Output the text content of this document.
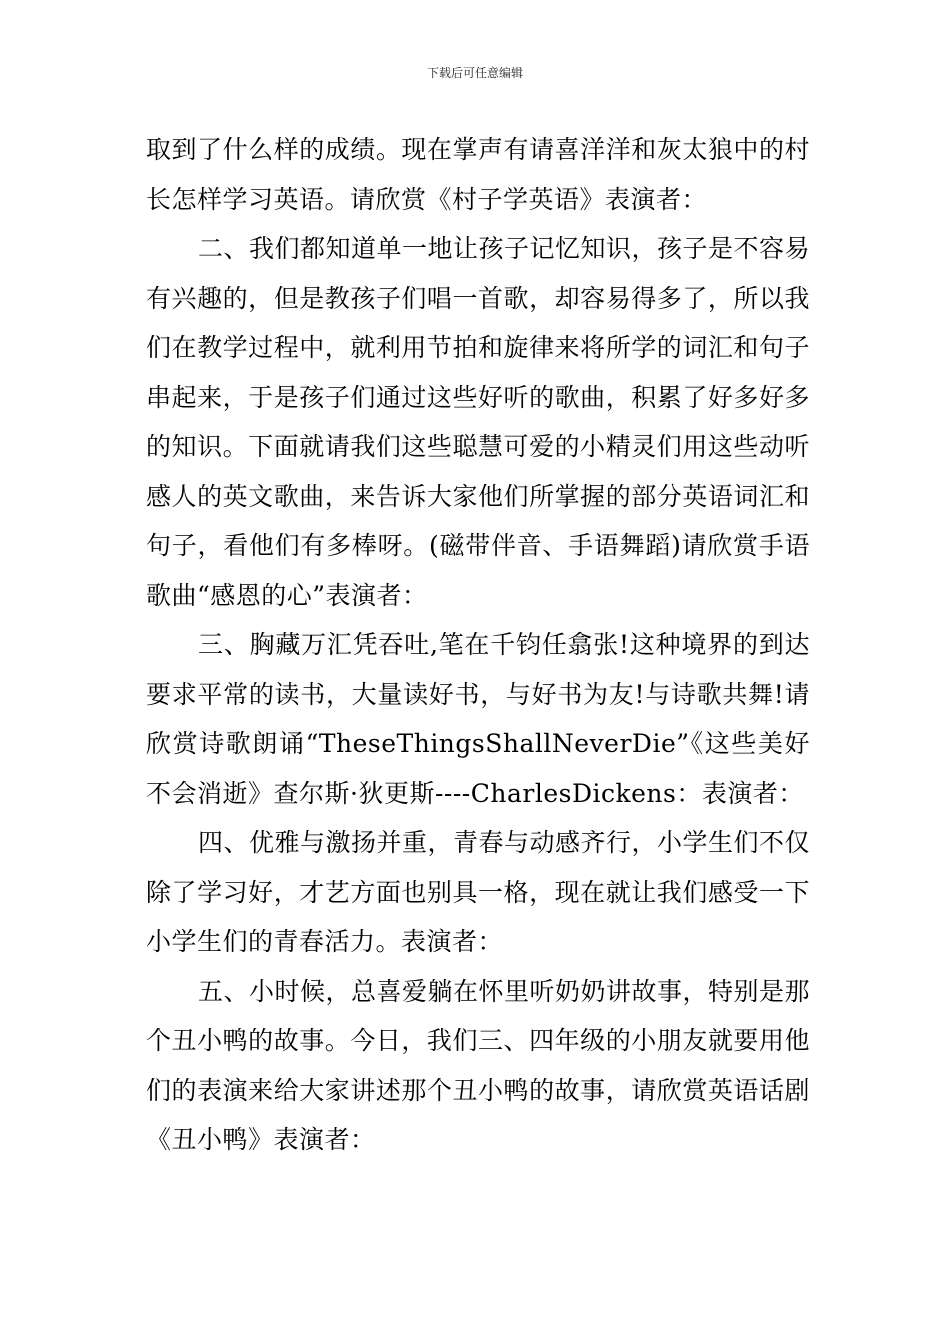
下载后可任意编辑

取到了什么样的成绩。现在掌声有请喜洋洋和灰太狼中的村长怎样学习英语。请欣赏《村子学英语》表演者：

二、我们都知道单一地让孩子记忆知识，孩子是不容易有兴趣的，但是教孩子们唱一首歌，却容易得多了，所以我们在教学过程中，就利用节拍和旋律来将所学的词汇和句子串起来，于是孩子们通过这些好听的歌曲，积累了好多好多的知识。下面就请我们这些聪慧可爱的小精灵们用这些动听感人的英文歌曲，来告诉大家他们所掌握的部分英语词汇和句子，看他们有多棒呀。(磁带伴音、手语舞蹈)请欣赏手语歌曲“感恩的心”表演者：

三、胸藏万汇凭吞吐,笔在千钧任翕张!这种境界的到达要求平常的读书，大量读好书，与好书为友!与诗歌共舞!请欣赏诗歌朗诵“TheseThingsShallNeverDie”《这些美好不会消逝》查尔斯·狄更斯----CharlesDickens：表演者：

四、优雅与激扬并重，青春与动感齐行，小学生们不仅除了学习好，才艺方面也别具一格，现在就让我们感受一下小学生们的青春活力。表演者：

五、小时候，总喜爱躺在怀里听奶奶讲故事，特别是那个丑小鸭的故事。今日，我们三、四年级的小朋友就要用他们的表演来给大家讲述那个丑小鸭的故事，请欣赏英语话剧《丑小鸭》表演者：
